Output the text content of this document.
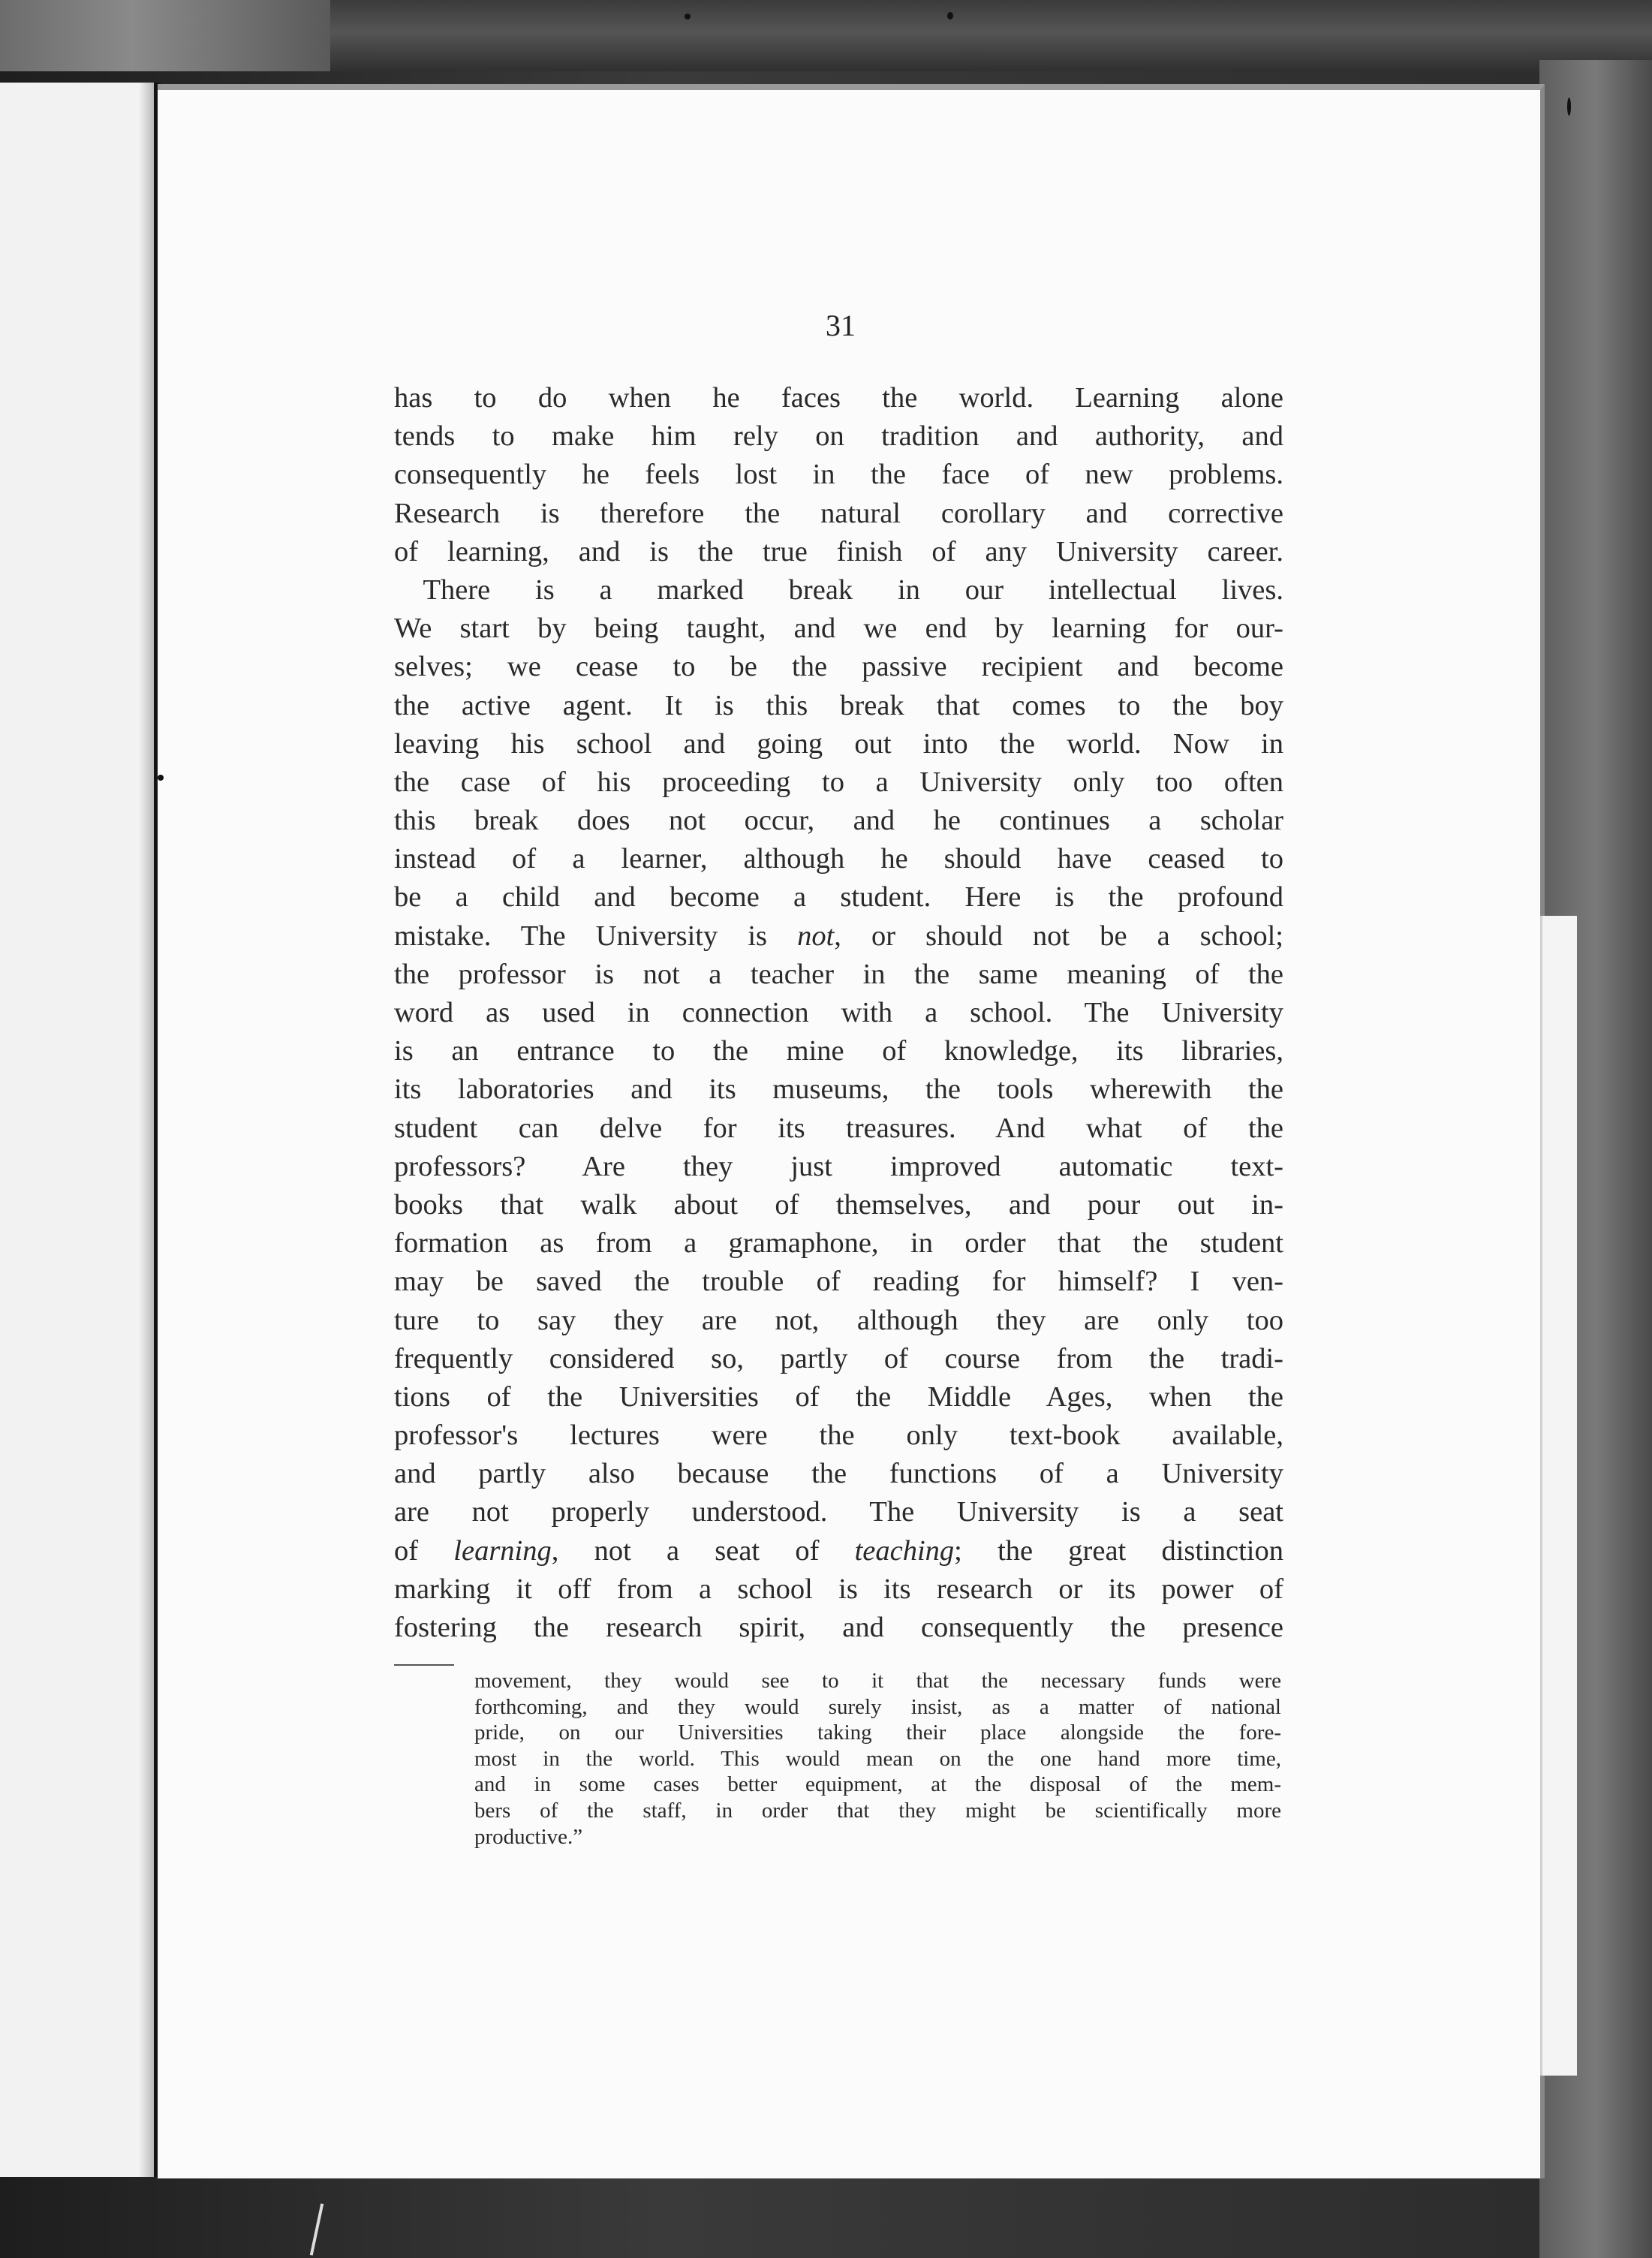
31
has to do when he faces the world. Learning alone
tends to make him rely on tradition and authority, and
consequently he feels lost in the face of new problems.
Research is therefore the natural corollary and corrective
of learning, and is the true finish of any University career.
 There is a marked break in our intellectual lives.
We start by being taught, and we end by learning for our-
selves; we cease to be the passive recipient and become
the active agent. It is this break that comes to the boy
leaving his school and going out into the world. Now in
the case of his proceeding to a University only too often
this break does not occur, and he continues a scholar
instead of a learner, although he should have ceased to
be a child and become a student. Here is the profound
mistake. The University is not, or should not be a school;
the professor is not a teacher in the same meaning of the
word as used in connection with a school. The University
is an entrance to the mine of knowledge, its libraries,
its laboratories and its museums, the tools wherewith the
student can delve for its treasures. And what of the
professors? Are they just improved automatic text-
books that walk about of themselves, and pour out in-
formation as from a gramaphone, in order that the student
may be saved the trouble of reading for himself? I ven-
ture to say they are not, although they are only too
frequently considered so, partly of course from the tradi-
tions of the Universities of the Middle Ages, when the
professor's lectures were the only text-book available,
and partly also because the functions of a University
are not properly understood. The University is a seat
of learning, not a seat of teaching; the great distinction
marking it off from a school is its research or its power of
fostering the research spirit, and consequently the presence
movement, they would see to it that the necessary funds were
forthcoming, and they would surely insist, as a matter of national
pride, on our Universities taking their place alongside the fore-
most in the world. This would mean on the one hand more time,
and in some cases better equipment, at the disposal of the mem-
bers of the staff, in order that they might be scientifically more
productive.”
